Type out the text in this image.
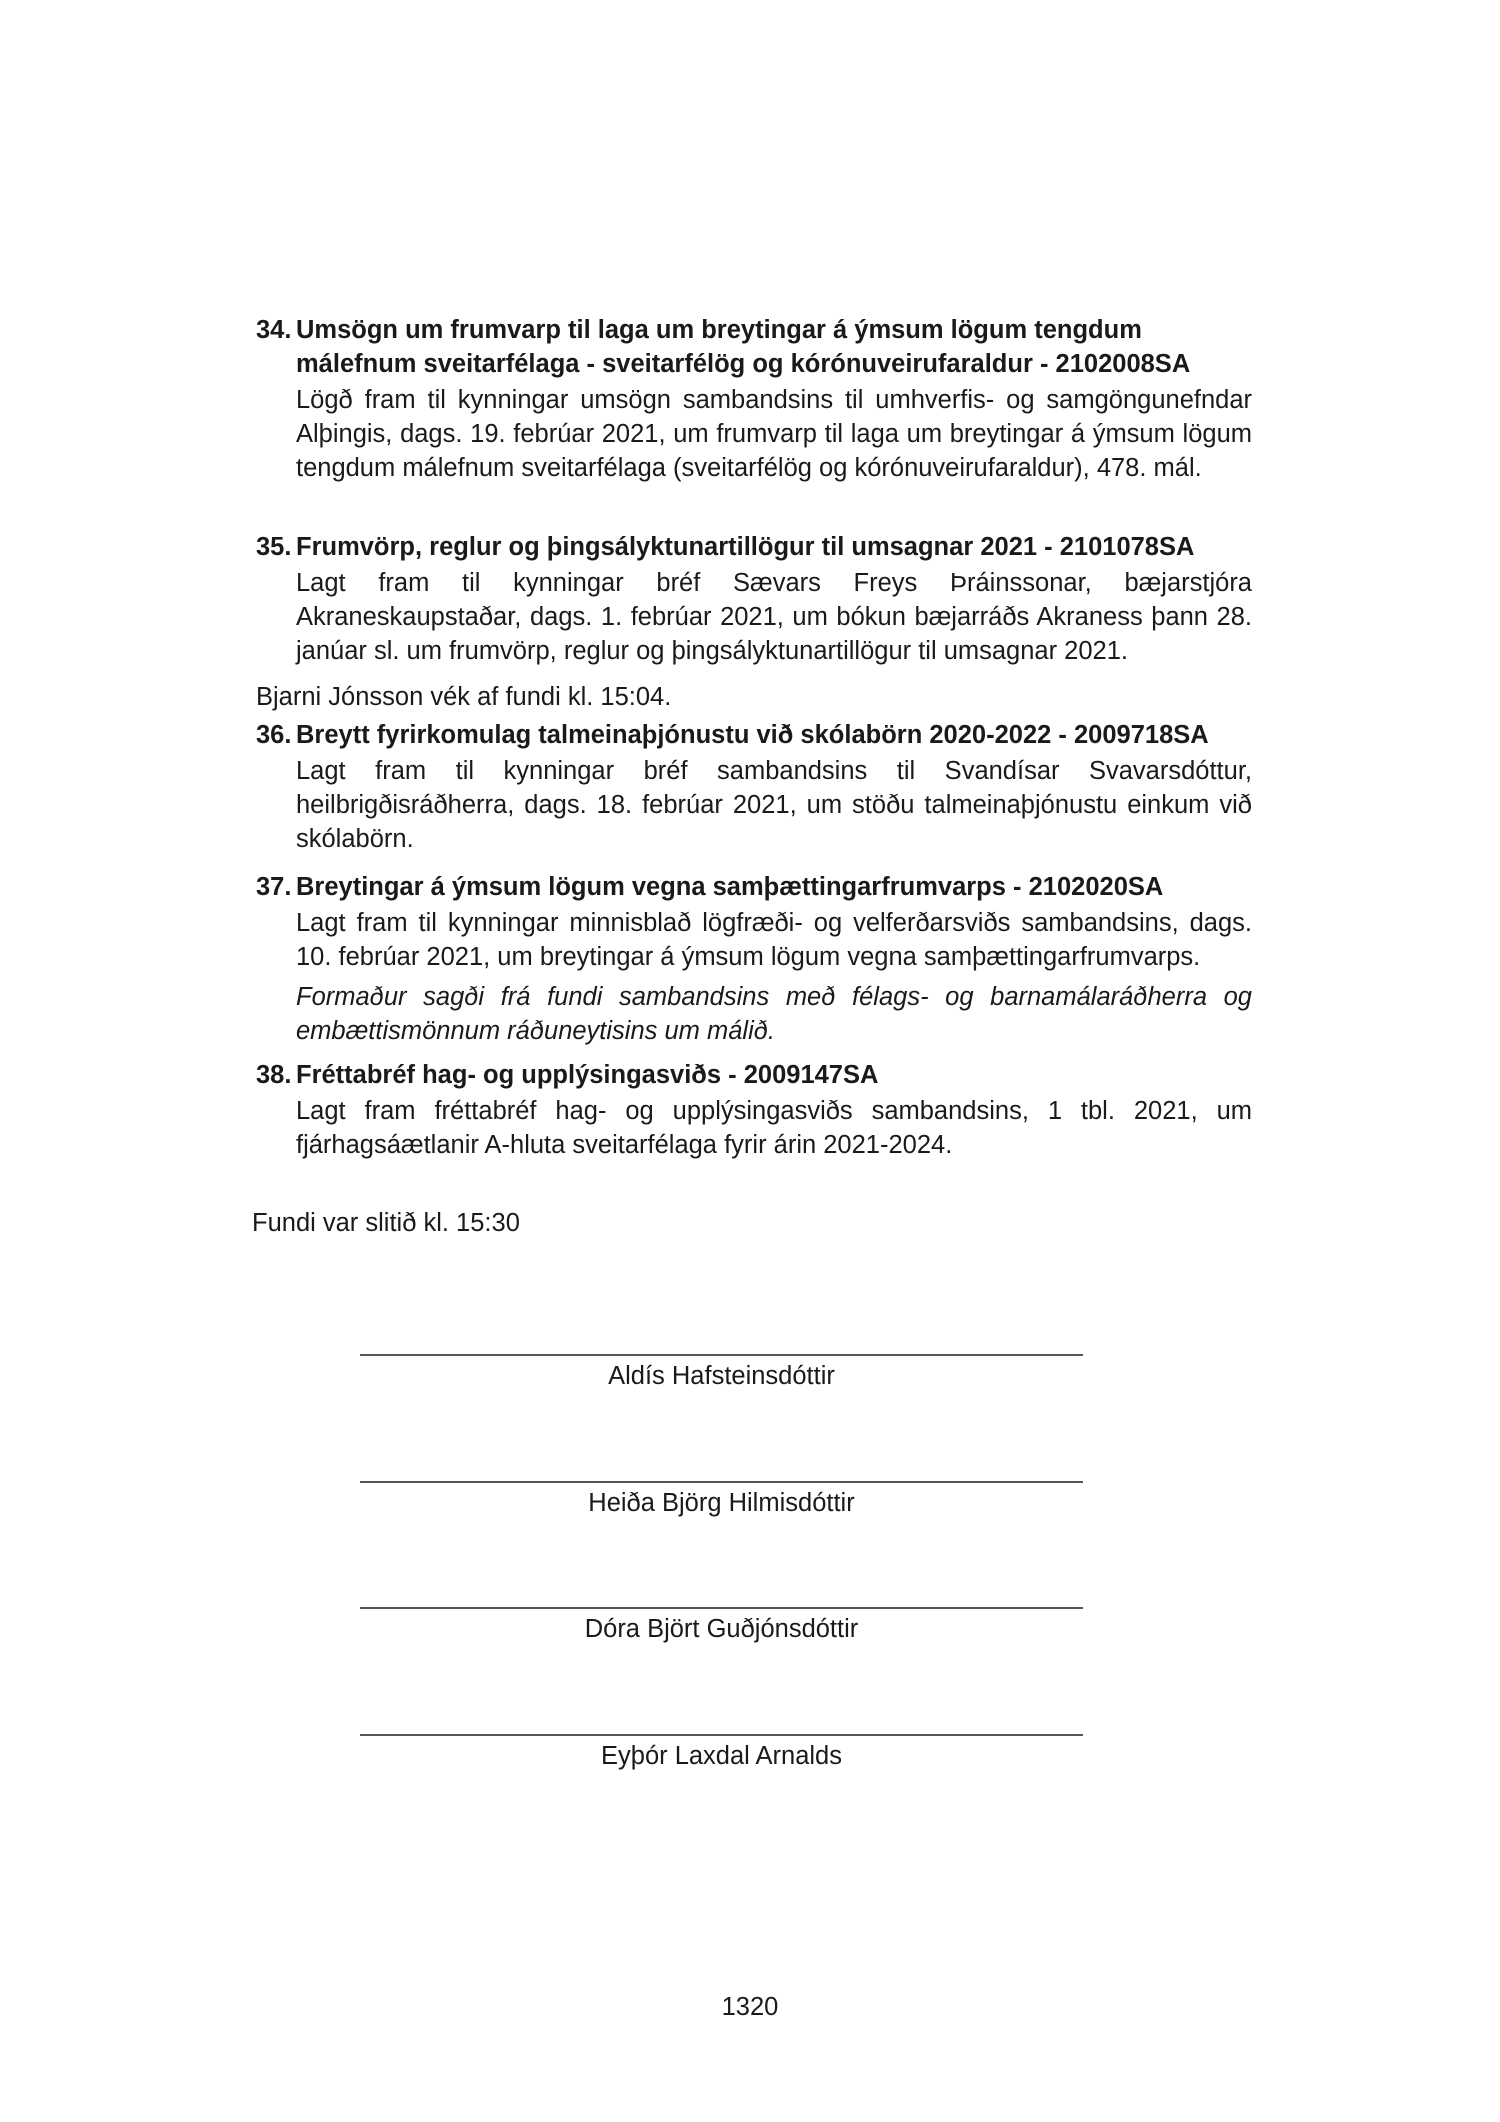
34. Umsögn um frumvarp til laga um breytingar á ýmsum lögum tengdum málefnum sveitarfélaga - sveitarfélög og kórónuveirufaraldur - 2102008SA
Lögð fram til kynningar umsögn sambandsins til umhverfis- og samgöngunefndar Alþingis, dags. 19. febrúar 2021, um frumvarp til laga um breytingar á ýmsum lögum tengdum málefnum sveitarfélaga (sveitarfélög og kórónuveirufaraldur), 478. mál.
35. Frumvörp, reglur og þingsályktunartillögur til umsagnar 2021 - 2101078SA
Lagt fram til kynningar bréf Sævars Freys Þráinssonar, bæjarstjóra Akraneskaupstaðar, dags. 1. febrúar 2021, um bókun bæjarráðs Akraness þann 28. janúar sl. um frumvörp, reglur og þingsályktunartillögur til umsagnar 2021.
Bjarni Jónsson vék af fundi kl. 15:04.
36. Breytt fyrirkomulag talmeinaþjónustu við skólabörn 2020-2022 - 2009718SA
Lagt fram til kynningar bréf sambandsins til Svandísar Svavarsdóttur, heilbrigðisráðherra, dags. 18. febrúar 2021, um stöðu talmeinaþjónustu einkum við skólabörn.
37. Breytingar á ýmsum lögum vegna samþættingarfrumvarps - 2102020SA
Lagt fram til kynningar minnisblað lögfræði- og velferðarsviðs sambandsins, dags. 10. febrúar 2021, um breytingar á ýmsum lögum vegna samþættingarfrumvarps.
Formaður sagði frá fundi sambandsins með félags- og barnamálaráðherra og embættismönnum ráðuneytisins um málið.
38. Fréttabréf hag- og upplýsingasviðs - 2009147SA
Lagt fram fréttabréf hag- og upplýsingasviðs sambandsins, 1 tbl. 2021, um fjárhagsáætlanir A-hluta sveitarfélaga fyrir árin 2021-2024.
Fundi var slitið kl. 15:30
Aldís Hafsteinsdóttir
Heiða Björg Hilmisdóttir
Dóra Björt Guðjónsdóttir
Eyþór Laxdal Arnalds
1320
